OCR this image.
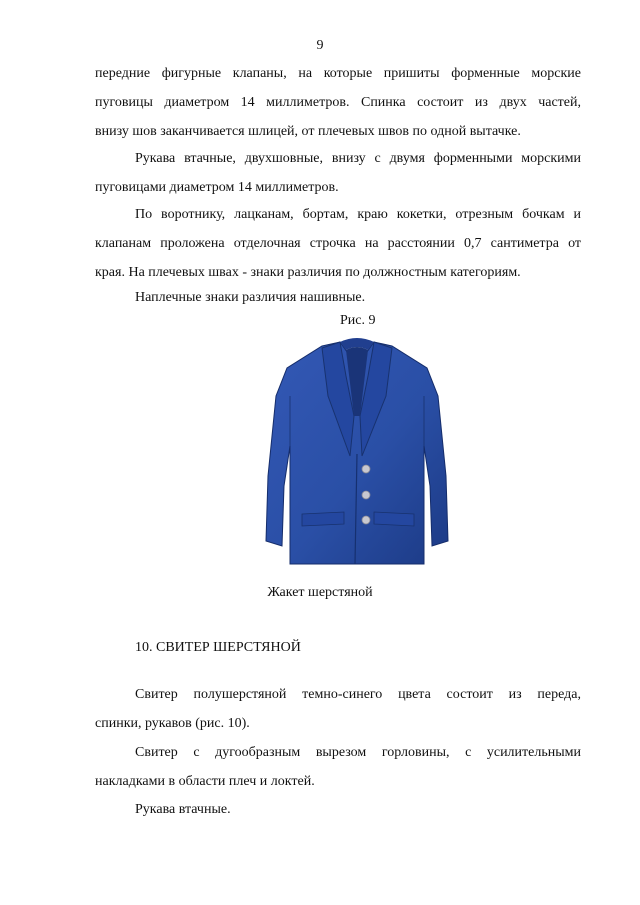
9
передние фигурные клапаны, на которые пришиты форменные морские
пуговицы диаметром 14 миллиметров. Спинка состоит из двух частей,
внизу шов заканчивается шлицей, от плечевых швов по одной вытачке.
Рукава втачные, двухшовные, внизу с двумя форменными морскими
пуговицами диаметром 14 миллиметров.
По воротнику, лацканам, бортам, краю кокетки, отрезным бочкам и
клапанам проложена отделочная строчка на расстоянии 0,7 сантиметра от
края. На плечевых швах - знаки различия по должностным категориям.
Наплечные знаки различия нашивные.
Рис. 9
Жакет шерстяной
10. СВИТЕР ШЕРСТЯНОЙ
Свитер полушерстяной темно-синего цвета состоит из переда,
спинки, рукавов (рис. 10).
Свитер с дугообразным вырезом горловины, с усилительными
накладками в области плеч и локтей.
Рукава втачные.
